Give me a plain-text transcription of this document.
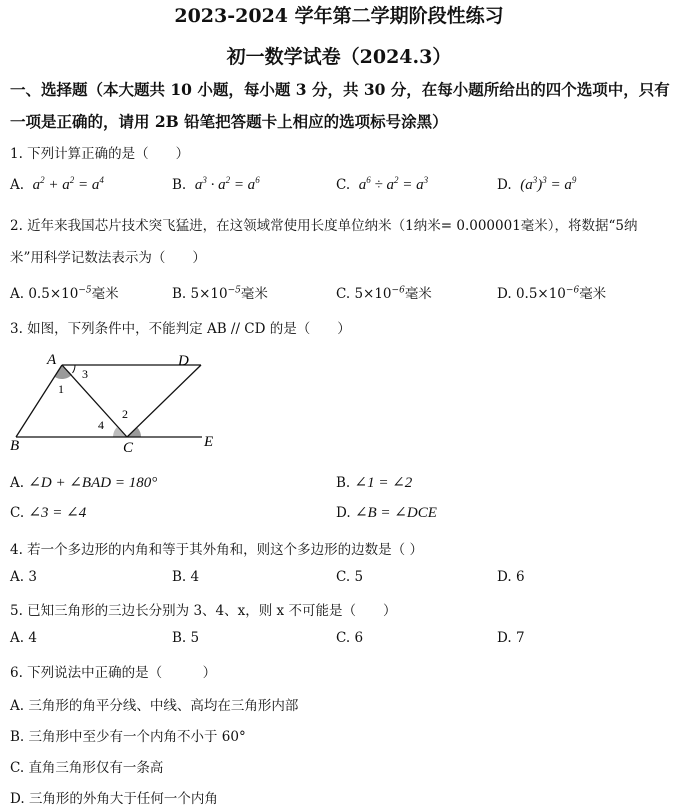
2023-2024 学年第二学期阶段性练习
初一数学试卷（2024.3）
一、选择题（本大题共 10 小题，每小题 3 分，共 30 分，在每小题所给出的四个选项中，只有
一项是正确的，请用 2B 铅笔把答题卡上相应的选项标号涂黑）
1. 下列计算正确的是（　　）
A. $a^2 + a^2 = a^4$	B. $a^3 \cdot a^2 = a^6$	C. $a^6 \div a^2 = a^3$	D. $(a^3)^3 = a^9$
2. 近年来我国芯片技术突飞猛进，在这领域常使用长度单位纳米（1纳米= 0.000001毫米），将数据“5纳
米”用科学记数法表示为（　　）
A. $0.5\times 10^{-5}$毫米	B. $5\times 10^{-5}$毫米	C. $5\times 10^{-6}$毫米	D. $0.5\times 10^{-6}$毫米
3. 如图，下列条件中，不能判定 AB // CD 的是（　　）
A	D
B	C	E
1
3
2
4
A. ∠D + ∠BAD = 180°	B. ∠1 = ∠2
C. ∠3 = ∠4	D. ∠B = ∠DCE
4. 若一个多边形的内角和等于其外角和，则这个多边形的边数是（ ）
A. 3	B. 4	C. 5	D. 6
5. 已知三角形的三边长分别为 3、4、x，则 x 不可能是（　　）
A. 4	B. 5	C. 6	D. 7
6. 下列说法中正确的是（　　　）
A. 三角形的角平分线、中线、高均在三角形内部
B. 三角形中至少有一个内角不小于 60°
C. 直角三角形仅有一条高
D. 三角形的外角大于任何一个内角
